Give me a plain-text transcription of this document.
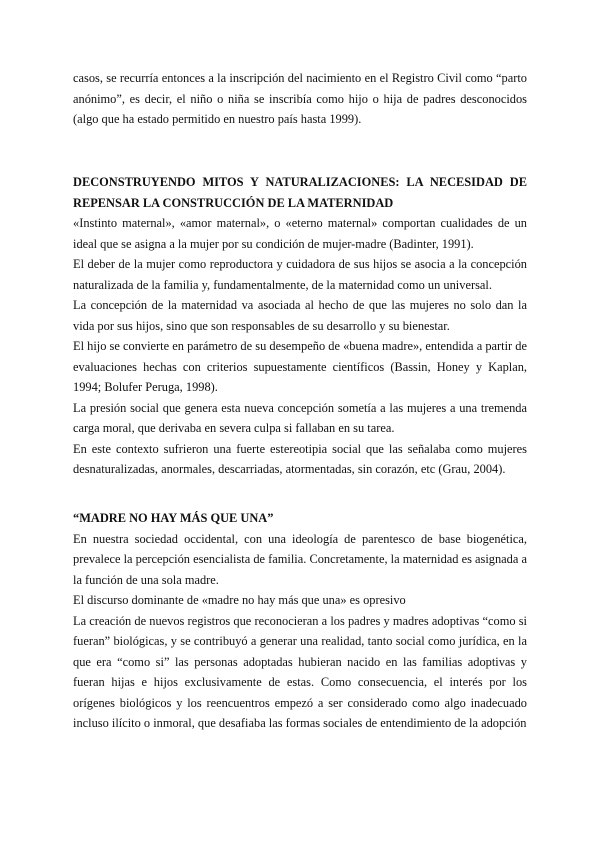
casos, se recurría entonces a la inscripción del nacimiento en el Registro Civil como “parto anónimo”, es decir, el niño o niña se inscribía como hijo o hija de padres desconocidos (algo que ha estado permitido en nuestro país hasta 1999).

DECONSTRUYENDO MITOS Y NATURALIZACIONES: LA NECESIDAD DE REPENSAR LA CONSTRUCCIÓN DE LA MATERNIDAD

«Instinto maternal», «amor maternal», o «eterno maternal» comportan cualidades de un ideal que se asigna a la mujer por su condición de mujer-madre (Badinter, 1991).

El deber de la mujer como reproductora y cuidadora de sus hijos se asocia a la concepción naturalizada de la familia y, fundamentalmente, de la maternidad como un universal.

La concepción de la maternidad va asociada al hecho de que las mujeres no solo dan la vida por sus hijos, sino que son responsables de su desarrollo y su bienestar.

El hijo se convierte en parámetro de su desempeño de «buena madre», entendida a partir de evaluaciones hechas con criterios supuestamente científicos (Bassin, Honey y Kaplan, 1994; Bolufer Peruga, 1998).

La presión social que genera esta nueva concepción sometía a las mujeres a una tremenda carga moral, que derivaba en severa culpa si fallaban en su tarea.

En este contexto sufrieron una fuerte estereotipia social que las señalaba como mujeres desnaturalizadas, anormales, descarriadas, atormentadas, sin corazón, etc (Grau, 2004).

“MADRE NO HAY MÁS QUE UNA”

En nuestra sociedad occidental, con una ideología de parentesco de base biogenética, prevalece la percepción esencialista de familia. Concretamente, la maternidad es asignada a la función de una sola madre.

El discurso dominante de «madre no hay más que una» es opresivo

La creación de nuevos registros que reconocieran a los padres y madres adoptivas “como si fueran” biológicas, y se contribuyó a generar una realidad, tanto social como jurídica, en la que era “como si” las personas adoptadas hubieran nacido en las familias adoptivas y fueran hijas e hijos exclusivamente de estas. Como consecuencia, el interés por los orígenes biológicos y los reencuentros empezó a ser considerado como algo inadecuado incluso ilícito o inmoral, que desafiaba las formas sociales de entendimiento de la adopción
